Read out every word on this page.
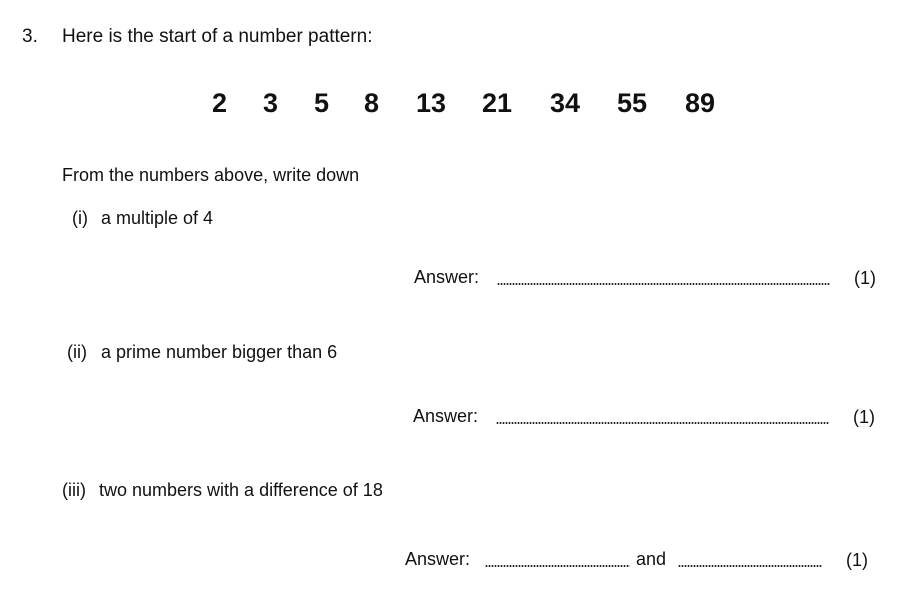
3. Here is the start of a number pattern:
2 3 5 8 13 21 34 55 89
From the numbers above, write down
(i) a multiple of 4
Answer:	(1)
(ii) a prime number bigger than 6
Answer:	(1)
(iii) two numbers with a difference of 18
Answer:	and	(1)
